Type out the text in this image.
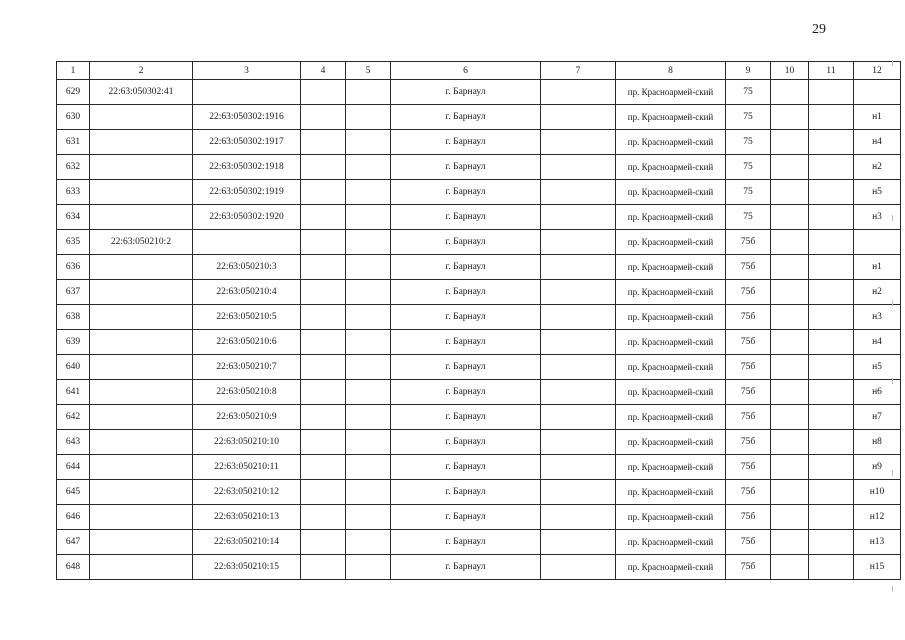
29
1	2	3	4	5	6	7	8	9	10	11	12
629	22:63:050302:41				г. Барнаул		пр. Красноармей-ский	75			
630		22:63:050302:1916			г. Барнаул		пр. Красноармей-ский	75			н1
631		22:63:050302:1917			г. Барнаул		пр. Красноармей-ский	75			н4
632		22:63:050302:1918			г. Барнаул		пр. Красноармей-ский	75			н2
633		22:63:050302:1919			г. Барнаул		пр. Красноармей-ский	75			н5
634		22:63:050302:1920			г. Барнаул		пр. Красноармей-ский	75			н3
635	22:63:050210:2				г. Барнаул		пр. Красноармей-ский	75б			
636		22:63:050210:3			г. Барнаул		пр. Красноармей-ский	75б			н1
637		22:63:050210:4			г. Барнаул		пр. Красноармей-ский	75б			н2
638		22:63:050210:5			г. Барнаул		пр. Красноармей-ский	75б			н3
639		22:63:050210:6			г. Барнаул		пр. Красноармей-ский	75б			н4
640		22:63:050210:7			г. Барнаул		пр. Красноармей-ский	75б			н5
641		22:63:050210:8			г. Барнаул		пр. Красноармей-ский	75б			н6
642		22:63:050210:9			г. Барнаул		пр. Красноармей-ский	75б			н7
643		22:63:050210:10			г. Барнаул		пр. Красноармей-ский	75б			н8
644		22:63:050210:11			г. Барнаул		пр. Красноармей-ский	75б			н9
645		22:63:050210:12			г. Барнаул		пр. Красноармей-ский	75б			н10
646		22:63:050210:13			г. Барнаул		пр. Красноармей-ский	75б			н12
647		22:63:050210:14			г. Барнаул		пр. Красноармей-ский	75б			н13
648		22:63:050210:15			г. Барнаул		пр. Красноармей-ский	75б			н15
